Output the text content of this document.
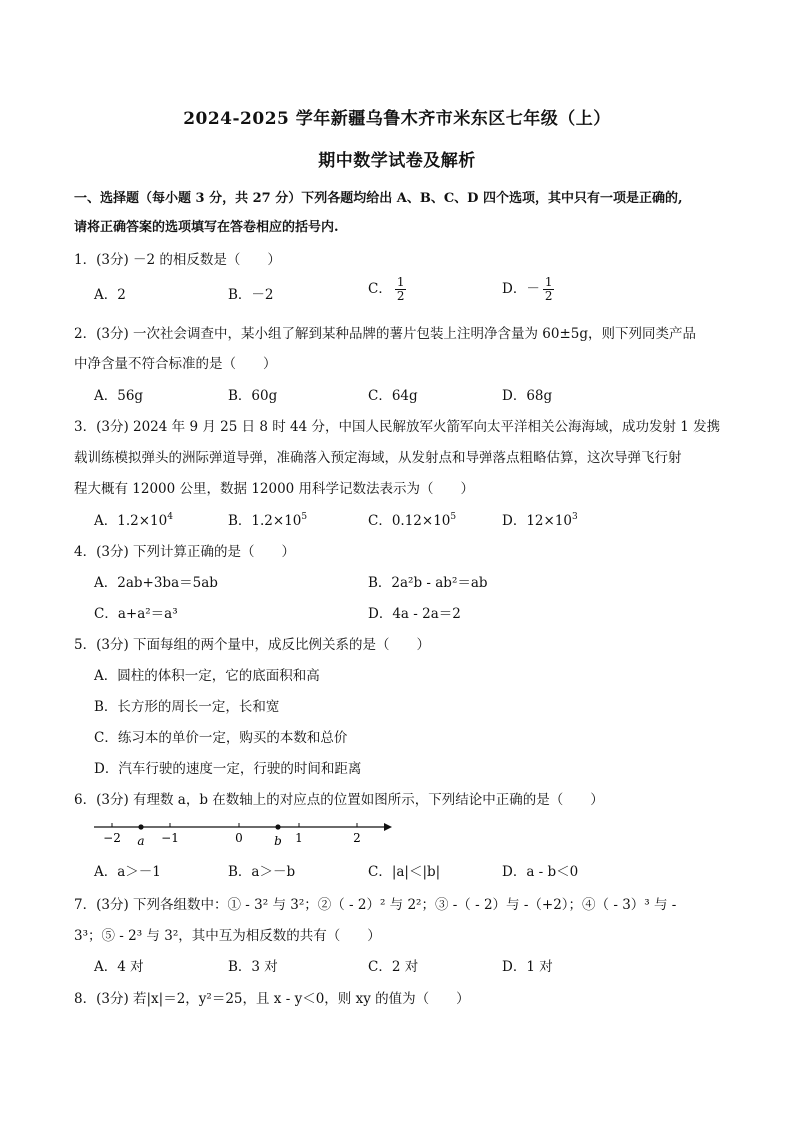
2024-2025 学年新疆乌鲁木齐市米东区七年级（上）
期中数学试卷及解析
一、选择题（每小题 3 分，共 27 分）下列各题均给出 A、B、C、D 四个选项，其中只有一项是正确的,
请将正确答案的选项填写在答卷相应的括号内.
1．(3分) －2 的相反数是（　　）
A．2	B．－2	C． $\frac{1}{2}$	D．－ $\frac{1}{2}$
2．(3分) 一次社会调查中，某小组了解到某种品牌的薯片包装上注明净含量为 60±5g，则下列同类产品
中净含量不符合标准的是（　　）
A．56g	B．60g	C．64g	D．68g
3．(3分) 2024 年 9 月 25 日 8 时 44 分，中国人民解放军火箭军向太平洋相关公海海域，成功发射 1 发携
载训练模拟弹头的洲际弹道导弹，准确落入预定海域，从发射点和导弹落点粗略估算，这次导弹飞行射
程大概有 12000 公里，数据 12000 用科学记数法表示为（　　）
A．$1.2\times 10^4$	B．$1.2\times 10^5$	C．$0.12\times 10^5$	D．$12\times 10^3$
4．(3分) 下列计算正确的是（　　）
A．2ab+3ba＝5ab	B．2a²b - ab²＝ab
C．a+a²＝a³	D．4a - 2a＝2
5．(3分) 下面每组的两个量中，成反比例关系的是（　　）
A．圆柱的体积一定，它的底面积和高
B．长方形的周长一定，长和宽
C．练习本的单价一定，购买的本数和总价
D．汽车行驶的速度一定，行驶的时间和距离
6．(3分) 有理数 a，b 在数轴上的对应点的位置如图所示，下列结论中正确的是（　　）
−2	−1	0	1	2
a	b
A．a＞－1	B．a＞－b	C．|a|＜|b|	D．a - b＜0
7．(3分) 下列各组数中：① - 3² 与 3²；②（ - 2）² 与 2²；③ -（ - 2）与 -（+2）；④（ - 3）³ 与 -
3³；⑤ - 2³ 与 3²，其中互为相反数的共有（　　）
A．4 对	B．3 对	C．2 对	D．1 对
8．(3分) 若|x|＝2，y²＝25，且 x - y＜0，则 xy 的值为（　　）
